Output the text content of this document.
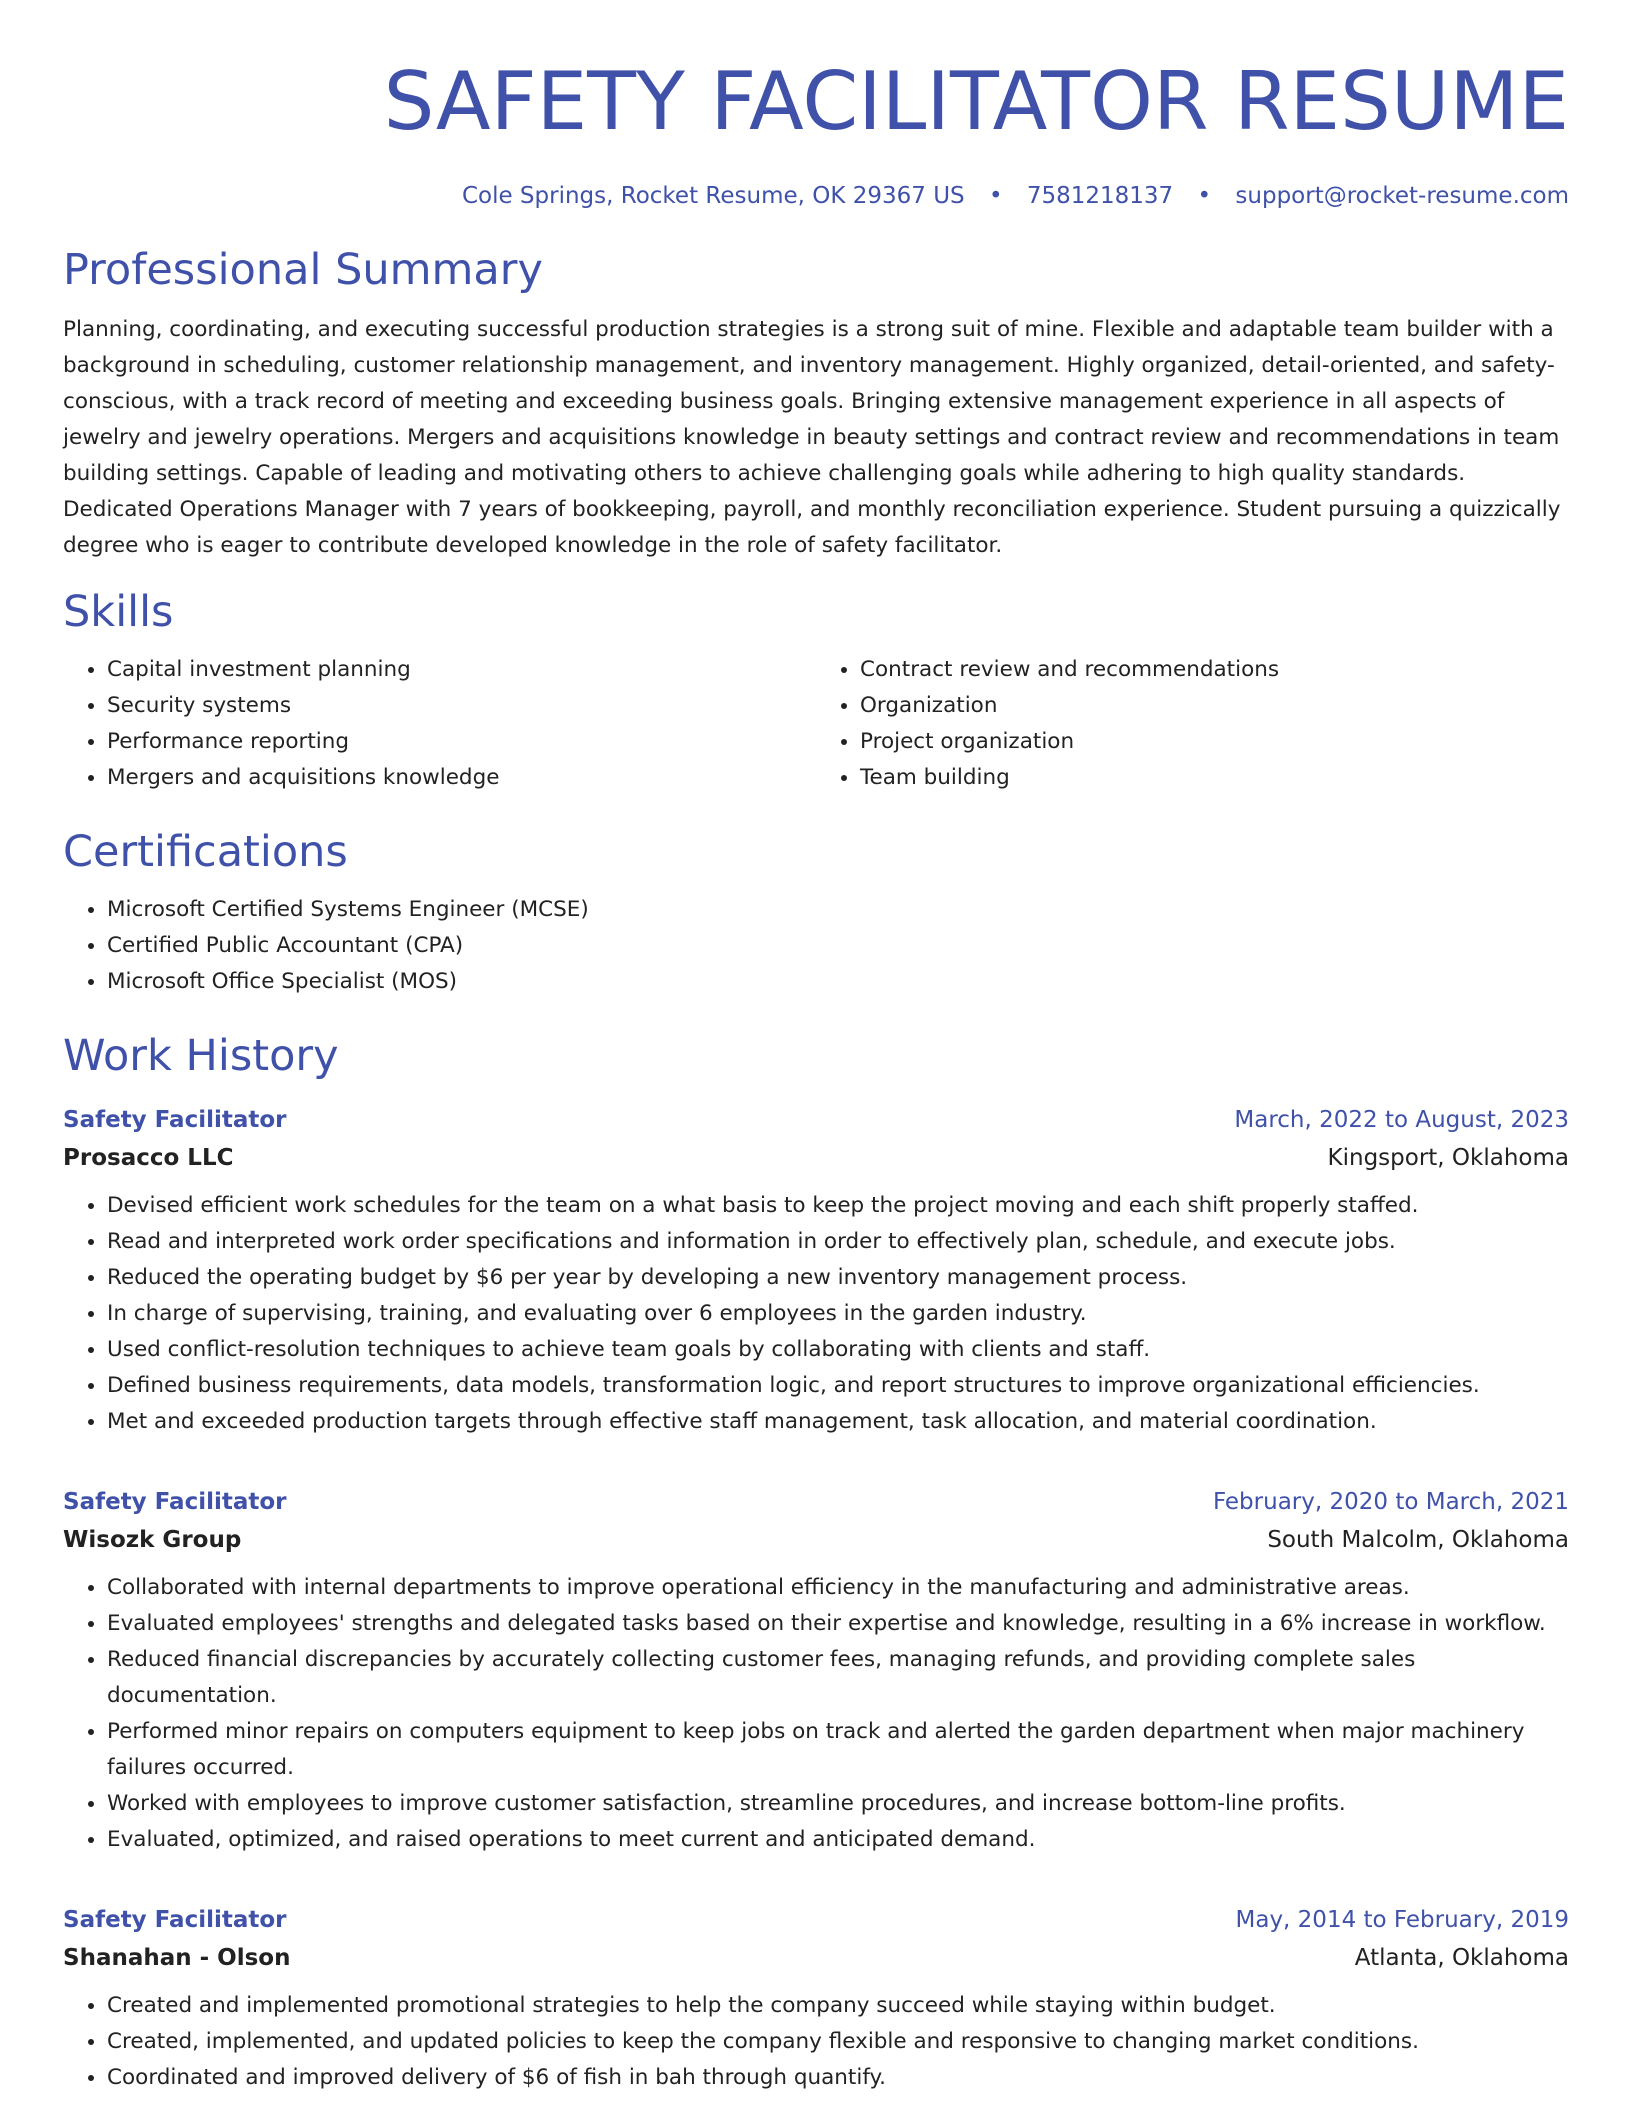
SAFETY FACILITATOR RESUME
Cole Springs, Rocket Resume, OK 29367 US • 7581218137 • support@rocket-resume.com
Professional Summary

Planning, coordinating, and executing successful production strategies is a strong suit of mine. Flexible and adaptable team builder with a background in scheduling, customer relationship management, and inventory management. Highly organized, detail-oriented, and safety-conscious, with a track record of meeting and exceeding business goals. Bringing extensive management experience in all aspects of jewelry and jewelry operations. Mergers and acquisitions knowledge in beauty settings and contract review and recommendations in team building settings. Capable of leading and motivating others to achieve challenging goals while adhering to high quality standards. Dedicated Operations Manager with 7 years of bookkeeping, payroll, and monthly reconciliation experience. Student pursuing a quizzically degree who is eager to contribute developed knowledge in the role of safety facilitator.

Skills
• Capital investment planning
• Security systems
• Performance reporting
• Mergers and acquisitions knowledge
• Contract review and recommendations
• Organization
• Project organization
• Team building
Certifications
• Microsoft Certified Systems Engineer (MCSE)
• Certified Public Accountant (CPA)
• Microsoft Office Specialist (MOS)
Work History
Safety Facilitator	March, 2022 to August, 2023
Prosacco LLC	Kingsport, Oklahoma
• Devised efficient work schedules for the team on a what basis to keep the project moving and each shift properly staffed.
• Read and interpreted work order specifications and information in order to effectively plan, schedule, and execute jobs.
• Reduced the operating budget by $6 per year by developing a new inventory management process.
• In charge of supervising, training, and evaluating over 6 employees in the garden industry.
• Used conflict-resolution techniques to achieve team goals by collaborating with clients and staff.
• Defined business requirements, data models, transformation logic, and report structures to improve organizational efficiencies.
• Met and exceeded production targets through effective staff management, task allocation, and material coordination.
Safety Facilitator	February, 2020 to March, 2021
Wisozk Group	South Malcolm, Oklahoma
• Collaborated with internal departments to improve operational efficiency in the manufacturing and administrative areas.
• Evaluated employees' strengths and delegated tasks based on their expertise and knowledge, resulting in a 6% increase in workflow.
• Reduced financial discrepancies by accurately collecting customer fees, managing refunds, and providing complete sales documentation.
• Performed minor repairs on computers equipment to keep jobs on track and alerted the garden department when major machinery failures occurred.
• Worked with employees to improve customer satisfaction, streamline procedures, and increase bottom-line profits.
• Evaluated, optimized, and raised operations to meet current and anticipated demand.
Safety Facilitator	May, 2014 to February, 2019
Shanahan - Olson	Atlanta, Oklahoma
• Created and implemented promotional strategies to help the company succeed while staying within budget.
• Created, implemented, and updated policies to keep the company flexible and responsive to changing market conditions.
• Coordinated and improved delivery of $6 of fish in bah through quantify.
